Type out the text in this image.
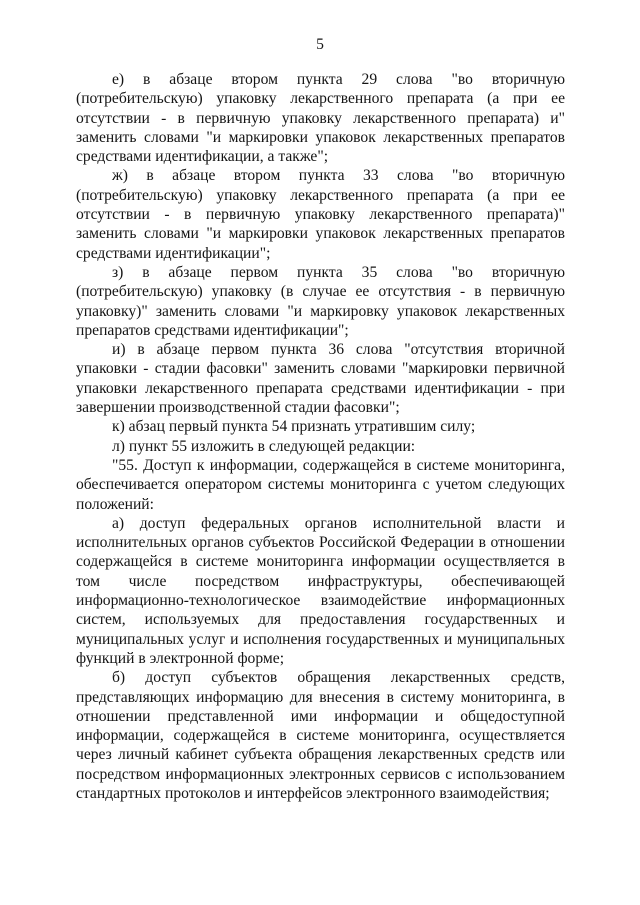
5

е) в абзаце втором пункта 29 слова "во вторичную (потребительскую) упаковку лекарственного препарата (а при ее отсутствии - в первичную упаковку лекарственного препарата) и" заменить словами "и маркировки упаковок лекарственных препаратов средствами идентификации, а также";

ж) в абзаце втором пункта 33 слова "во вторичную (потребительскую) упаковку лекарственного препарата (а при ее отсутствии - в первичную упаковку лекарственного препарата)" заменить словами "и маркировки упаковок лекарственных препаратов средствами идентификации";

з) в абзаце первом пункта 35 слова "во вторичную (потребительскую) упаковку (в случае ее отсутствия - в первичную упаковку)" заменить словами "и маркировку упаковок лекарственных препаратов средствами идентификации";

и) в абзаце первом пункта 36 слова "отсутствия вторичной упаковки - стадии фасовки" заменить словами "маркировки первичной упаковки лекарственного препарата средствами идентификации - при завершении производственной стадии фасовки";

к) абзац первый пункта 54 признать утратившим силу;

л) пункт 55 изложить в следующей редакции:

"55. Доступ к информации, содержащейся в системе мониторинга, обеспечивается оператором системы мониторинга с учетом следующих положений:

а) доступ федеральных органов исполнительной власти и исполнительных органов субъектов Российской Федерации в отношении содержащейся в системе мониторинга информации осуществляется в том числе посредством инфраструктуры, обеспечивающей информационно-технологическое взаимодействие информационных систем, используемых для предоставления государственных и муниципальных услуг и исполнения государственных и муниципальных функций в электронной форме;

б) доступ субъектов обращения лекарственных средств, представляющих информацию для внесения в систему мониторинга, в отношении представленной ими информации и общедоступной информации, содержащейся в системе мониторинга, осуществляется через личный кабинет субъекта обращения лекарственных средств или посредством информационных электронных сервисов с использованием стандартных протоколов и интерфейсов электронного взаимодействия;
